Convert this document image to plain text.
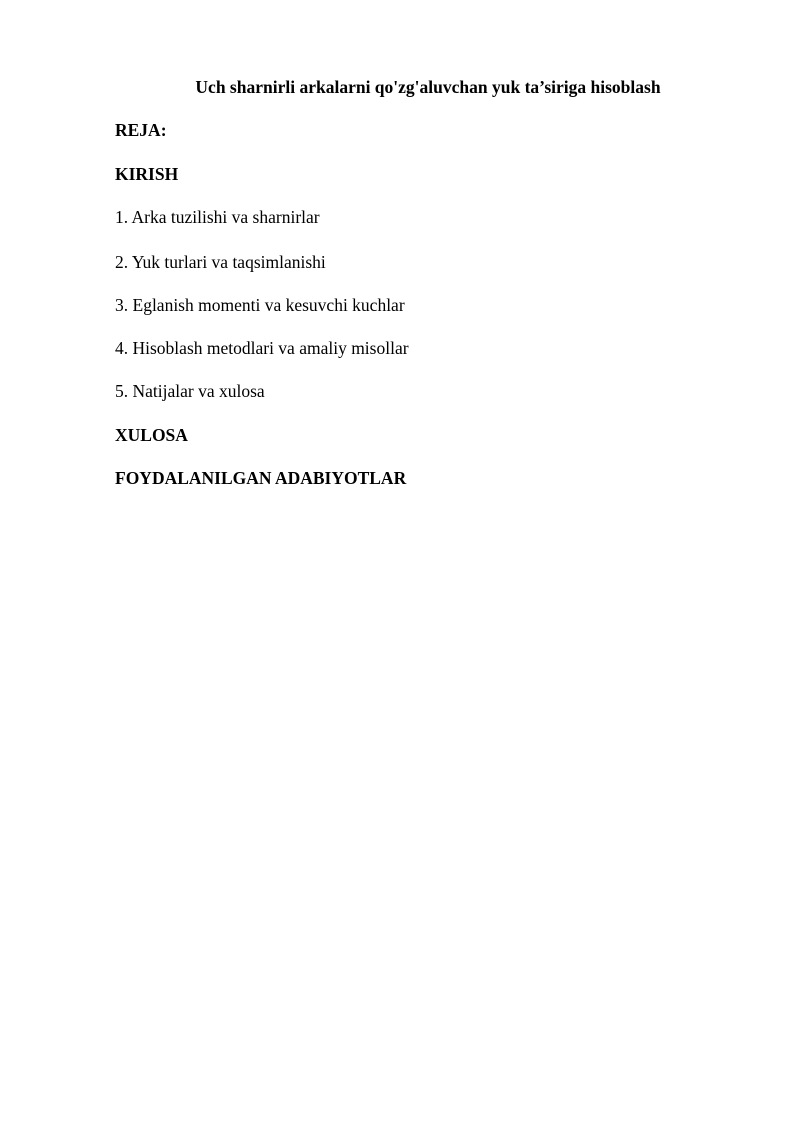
Uch sharnirli arkalarni qo'zg'aluvchan yuk ta’siriga hisoblash
REJA:
KIRISH
1. Arka tuzilishi va sharnirlar
2. Yuk turlari va taqsimlanishi
3. Eglanish momenti va kesuvchi kuchlar
4. Hisoblash metodlari va amaliy misollar
5. Natijalar va xulosa
XULOSA
FOYDALANILGAN ADABIYOTLAR
